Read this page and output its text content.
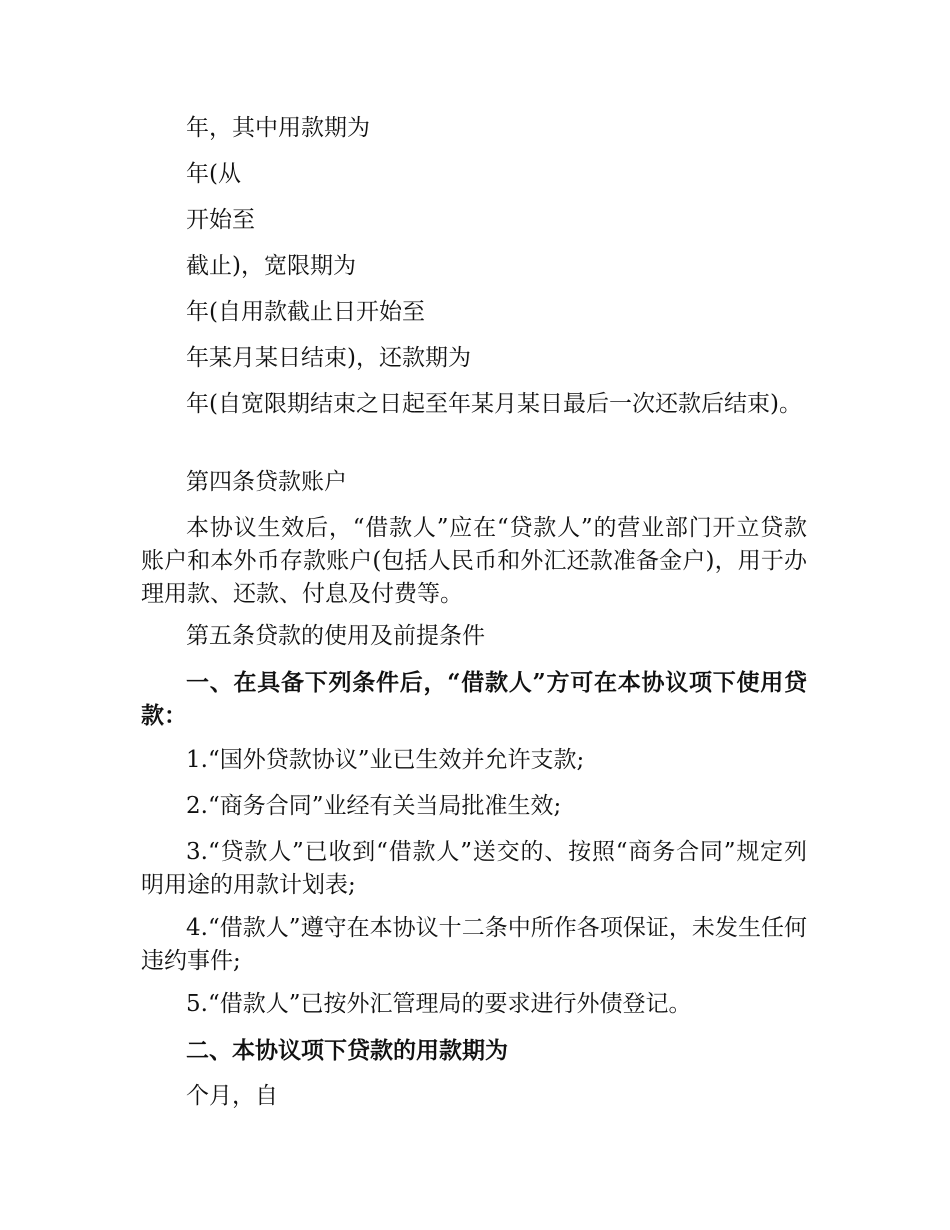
年，其中用款期为

年(从

开始至

截止)，宽限期为

年(自用款截止日开始至

年某月某日结束)，还款期为

年(自宽限期结束之日起至年某月某日最后一次还款后结束)。

第四条贷款账户

本协议生效后，“借款人”应在“贷款人”的营业部门开立贷款账户和本外币存款账户(包括人民币和外汇还款准备金户)，用于办理用款、还款、付息及付费等。

第五条贷款的使用及前提条件

一、在具备下列条件后，“借款人”方可在本协议项下使用贷款：

1.“国外贷款协议”业已生效并允许支款;

2.“商务合同”业经有关当局批准生效;

3.“贷款人”已收到“借款人”送交的、按照“商务合同”规定列明用途的用款计划表;

4.“借款人”遵守在本协议十二条中所作各项保证，未发生任何违约事件;

5.“借款人”已按外汇管理局的要求进行外债登记。

二、本协议项下贷款的用款期为

个月，自
